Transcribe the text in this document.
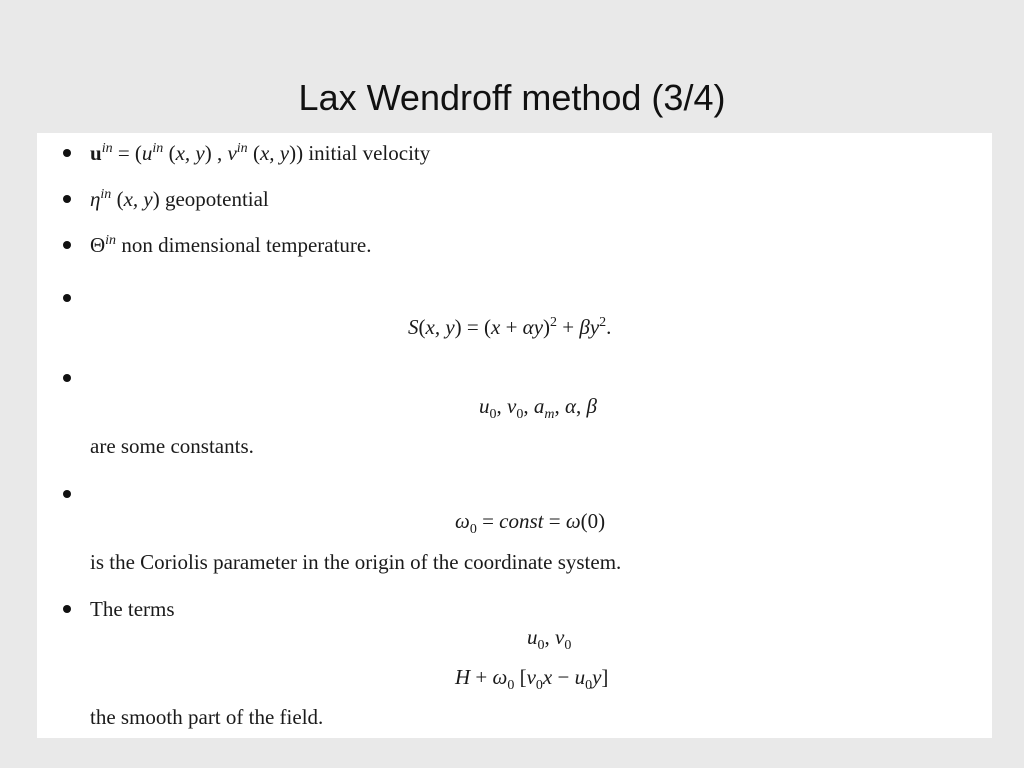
Lax Wendroff method (3/4)
$u^{in} = (u^{in}$ (x, y) , $v^{in}$ (x, y))
initial velocity
$\eta^{in}$ (x, y)
geopotential
$\Theta^{in}$
non dimensional temperature.
S(x, $y) = (x + \alpha y)^2 + \beta y^2$.
$u_0$, $v_0$, $a_m$, α, β
are some constants.
$\omega_0$ = const = ω(0)
is the Coriolis parameter in the origin of the coordinate system.
The terms
$u_0$, $v_0$
$H + \omega_0$ $[v_0x - u_0y]$
the smooth part of the field.
